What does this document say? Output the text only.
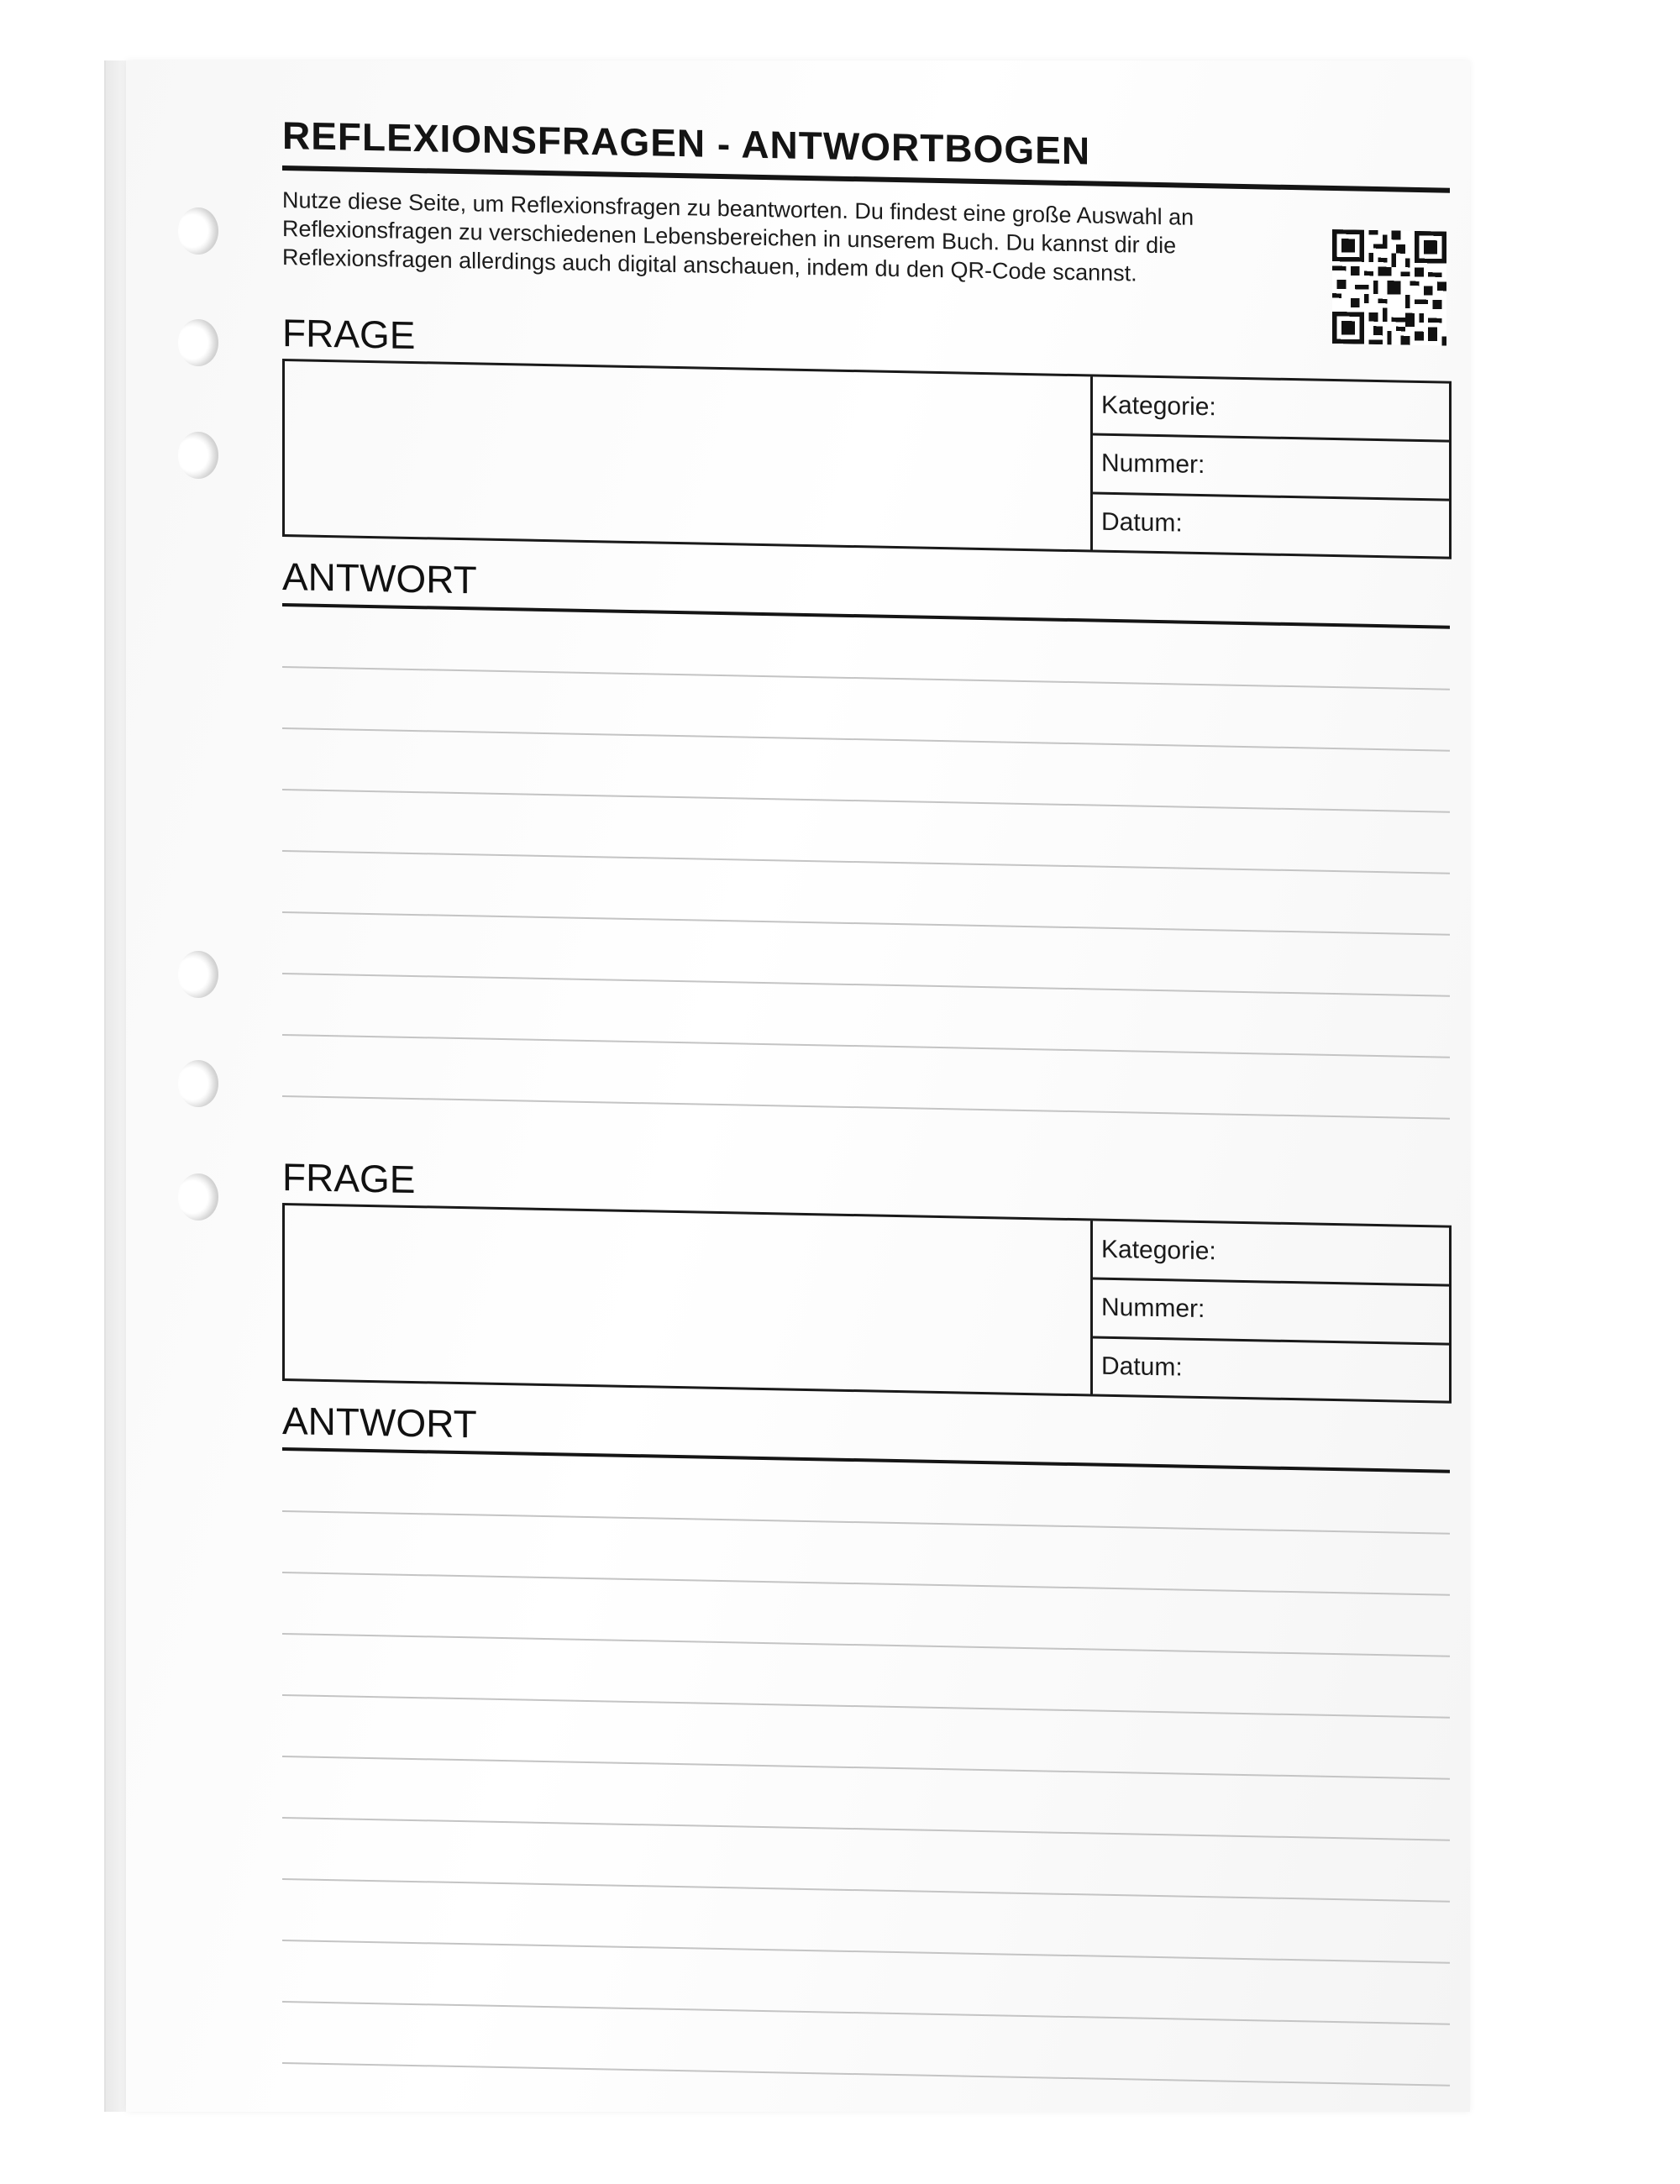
REFLEXIONSFRAGEN - ANTWORTBOGEN

Nutze diese Seite, um Reflexionsfragen zu beantworten. Du findest eine große Auswahl an Reflexionsfragen zu verschiedenen Lebensbereichen in unserem Buch. Du kannst dir die Reflexionsfragen allerdings auch digital anschauen, indem du den QR-Code scannst.

FRAGE
Kategorie:
Nummer:
Datum:
ANTWORT
FRAGE
Kategorie:
Nummer:
Datum:
ANTWORT
